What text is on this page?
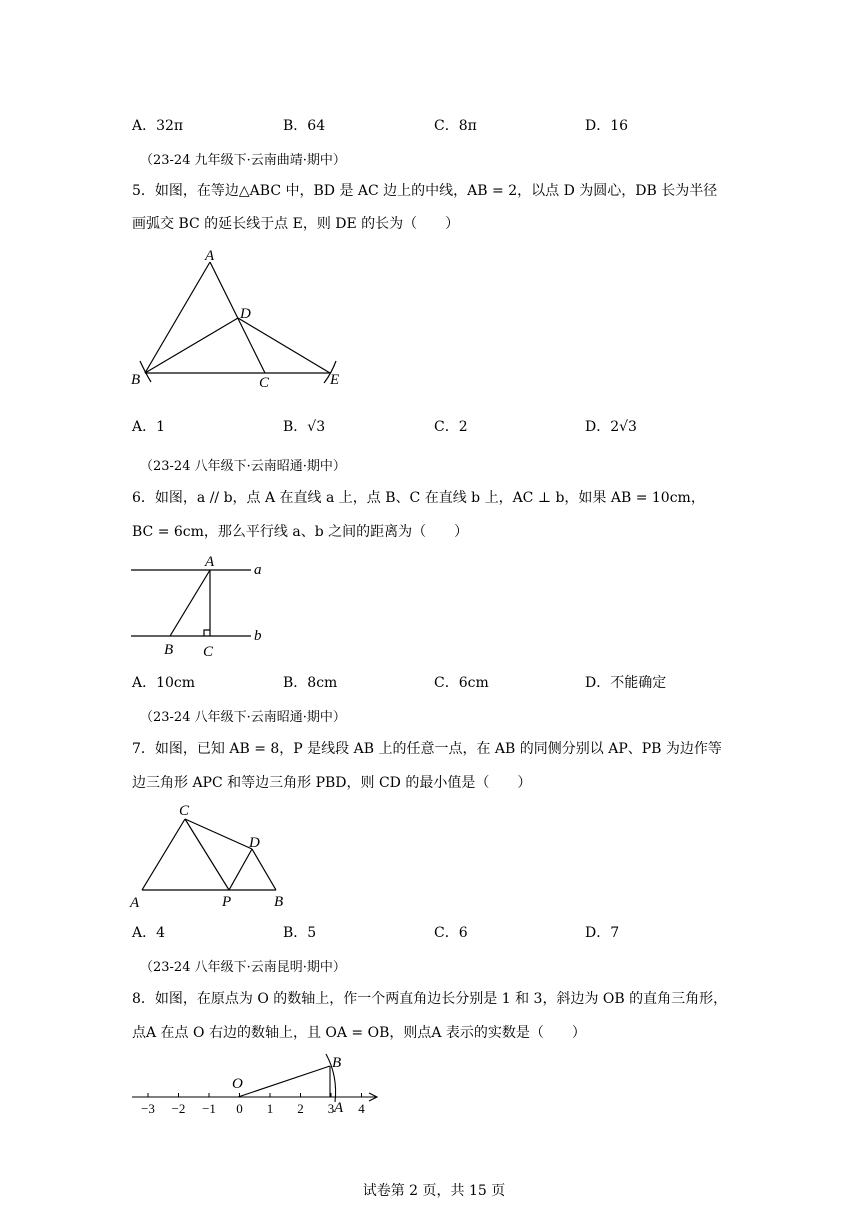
A．32π	B．64	C．8π	D．16
（23-24 九年级下·云南曲靖·期中）
5．如图，在等边△ABC 中，BD 是 AC 边上的中线，AB = 2，以点 D 为圆心，DB 长为半径
画弧交 BC 的延长线于点 E，则 DE 的长为（　　）
A
D
B	C	E
A．1	B．√3	C．2	D．2√3
（23-24 八年级下·云南昭通·期中）
6．如图，a // b，点 A 在直线 a 上，点 B、C 在直线 b 上，AC ⊥ b，如果 AB = 10cm，
BC = 6cm，那么平行线 a、b 之间的距离为（　　）
A	a
b
B C
A．10cm	B．8cm	C．6cm	D．不能确定
（23-24 八年级下·云南昭通·期中）
7．如图，已知 AB = 8，P 是线段 AB 上的任意一点，在 AB 的同侧分别以 AP、PB 为边作等
边三角形 APC 和等边三角形 PBD，则 CD 的最小值是（　　）
C
D
A	P	B
A．4	B．5	C．6	D．7
（23-24 八年级下·云南昆明·期中）
8．如图，在原点为 O 的数轴上，作一个两直角边长分别是 1 和 3，斜边为 OB 的直角三角形，
点A 在点 O 右边的数轴上，且 OA = OB，则点A 表示的实数是（　　）
−3 −2 −1 0 1 2 3 4
O
B
A
试卷第 2 页，共 15 页
